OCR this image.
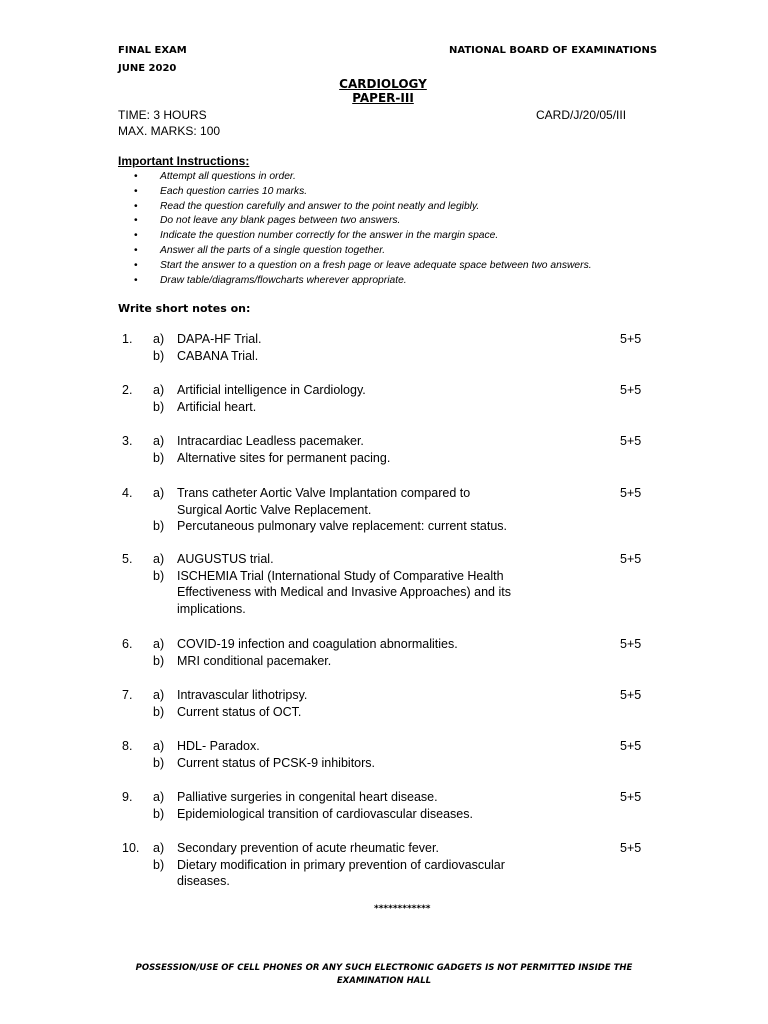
FINAL EXAM
JUNE 2020
NATIONAL BOARD OF EXAMINATIONS
CARDIOLOGY
PAPER-III
TIME: 3 HOURS
MAX. MARKS: 100
CARD/J/20/05/III
Important Instructions:
• Attempt all questions in order.
• Each question carries 10 marks.
• Read the question carefully and answer to the point neatly and legibly.
• Do not leave any blank pages between two answers.
• Indicate the question number correctly for the answer in the margin space.
• Answer all the parts of a single question together.
• Start the answer to a question on a fresh page or leave adequate space between two answers.
• Draw table/diagrams/flowcharts wherever appropriate.
Write short notes on:
1.	5+5
a) DAPA-HF Trial.
b) CABANA Trial.
2.	5+5
a) Artificial intelligence in Cardiology.
b) Artificial heart.
3.	5+5
a) Intracardiac Leadless pacemaker.
b) Alternative sites for permanent pacing.
4.	5+5
a) Trans catheter Aortic Valve Implantation compared to
Surgical Aortic Valve Replacement.
b) Percutaneous pulmonary valve replacement: current status.
5.	5+5
a) AUGUSTUS trial.
b) ISCHEMIA Trial (International Study of Comparative Health
Effectiveness with Medical and Invasive Approaches) and its
implications.
6.	5+5
a) COVID-19 infection and coagulation abnormalities.
b) MRI conditional pacemaker.
7.	5+5
a) Intravascular lithotripsy.
b) Current status of OCT.
8.	5+5
a) HDL- Paradox.
b) Current status of PCSK-9 inhibitors.
9.	5+5
a) Palliative surgeries in congenital heart disease.
b) Epidemiological transition of cardiovascular diseases.
10.	5+5
a) Secondary prevention of acute rheumatic fever.
b) Dietary modification in primary prevention of cardiovascular
diseases.
************
POSSESSION/USE OF CELL PHONES OR ANY SUCH ELECTRONIC GADGETS IS NOT PERMITTED INSIDE THE EXAMINATION HALL
